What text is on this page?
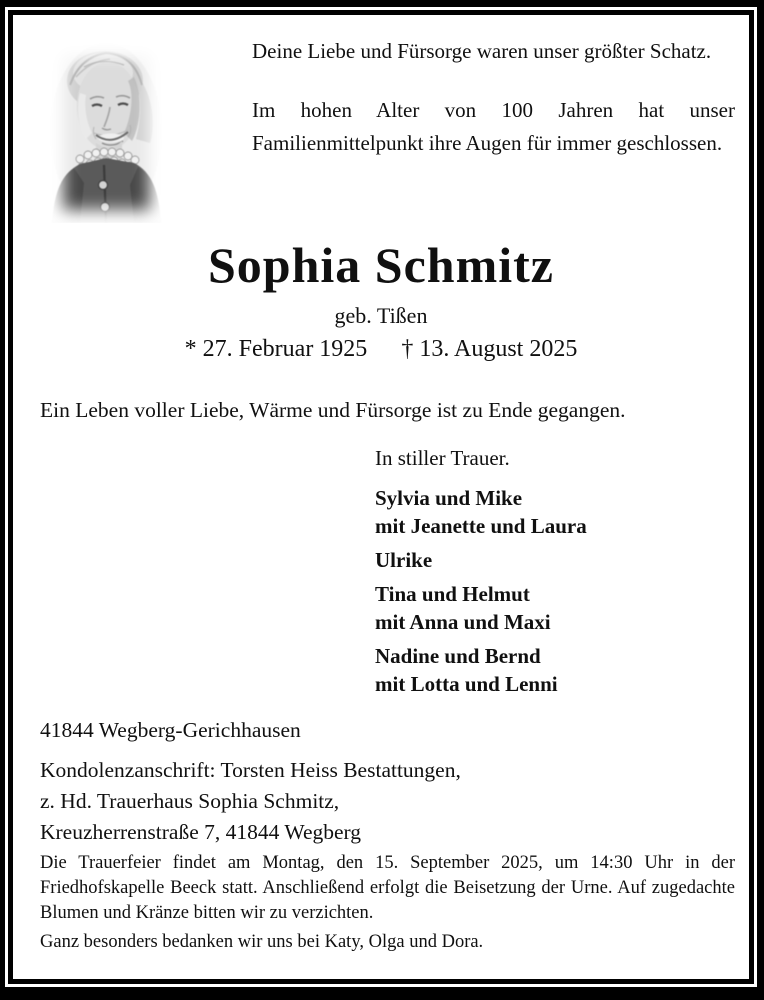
Deine Liebe und Fürsorge waren unser größter Schatz.

Im hohen Alter von 100 Jahren hat unser Familienmittelpunkt ihre Augen für immer geschlossen.

Sophia Schmitz
geb. Tißen
* 27. Februar 1925 † 13. August 2025
Ein Leben voller Liebe, Wärme und Fürsorge ist zu Ende gegangen.
In stiller Trauer.
Sylvia und Mike
mit Jeanette und Laura
Ulrike
Tina und Helmut
mit Anna und Maxi
Nadine und Bernd
mit Lotta und Lenni
41844 Wegberg-Gerichhausen
Kondolenzanschrift: Torsten Heiss Bestattungen,
z. Hd. Trauerhaus Sophia Schmitz,
Kreuzherrenstraße 7, 41844 Wegberg

Die Trauerfeier findet am Montag, den 15. September 2025, um 14:30 Uhr in der Friedhofskapelle Beeck statt. Anschließend erfolgt die Beisetzung der Urne. Auf zugedachte Blumen und Kränze bitten wir zu verzichten.

Ganz besonders bedanken wir uns bei Katy, Olga und Dora.
